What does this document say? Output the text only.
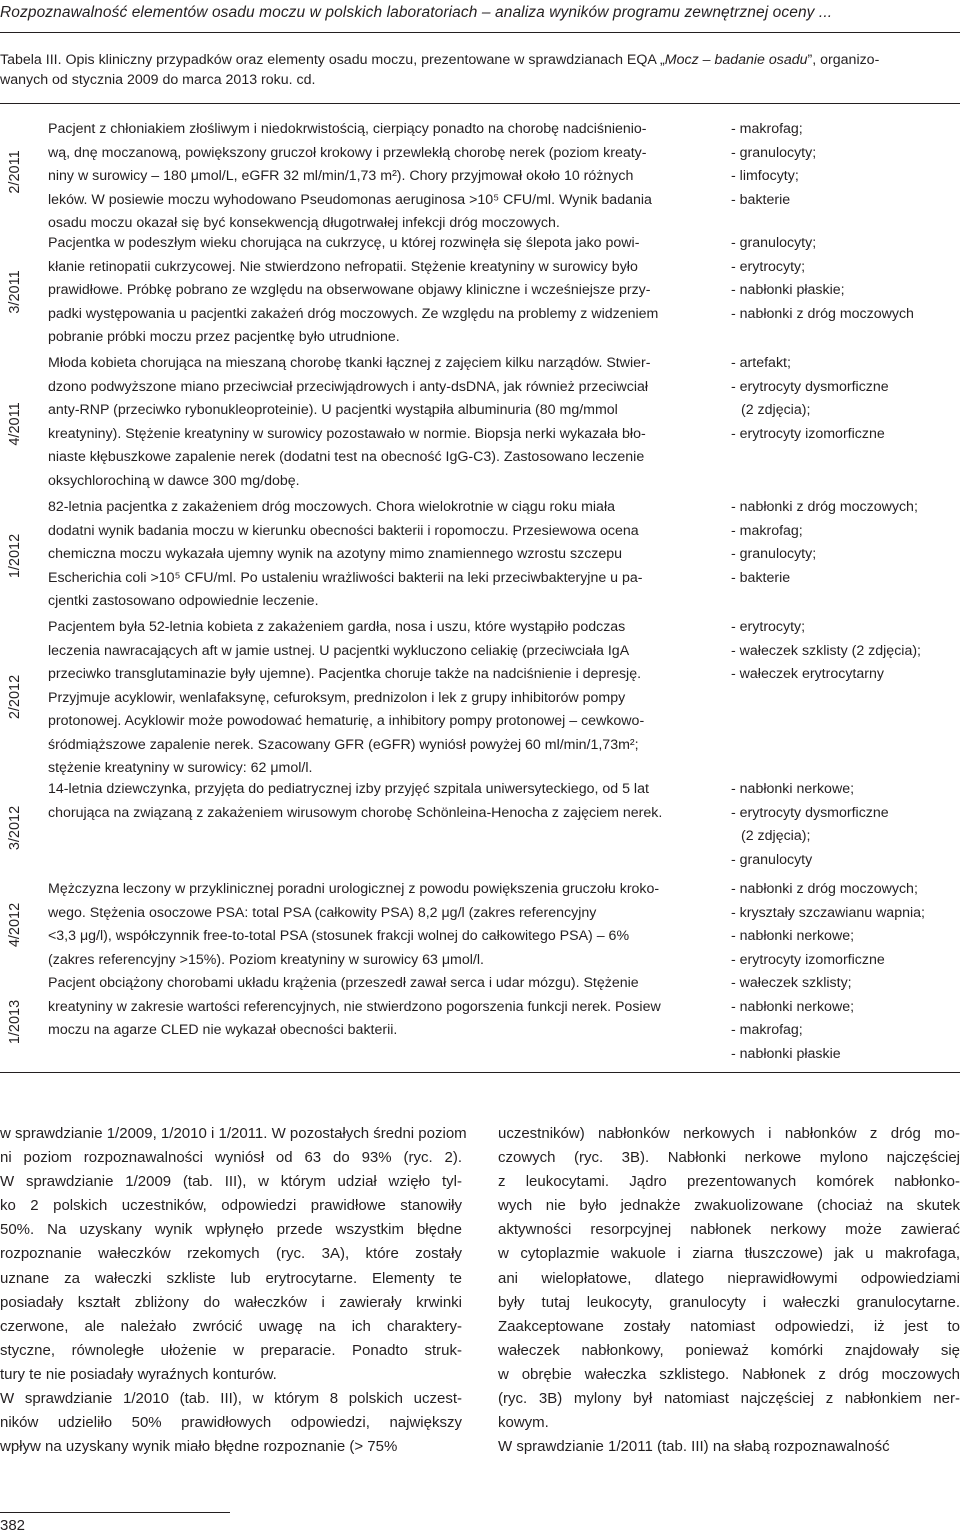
Rozpoznawalność elementów osadu moczu w polskich laboratoriach – analiza wyników programu zewnętrznej oceny ...
Tabela III. Opis kliniczny przypadków oraz elementy osadu moczu, prezentowane w sprawdzianach EQA „Mocz – badanie osadu”, organizo-
wanych od stycznia 2009 do marca 2013 roku. cd.
2/2011
Pacjent z chłoniakiem złośliwym i niedokrwistością, cierpiący ponadto na chorobę nadciśnienio-
wą, dnę moczanową, powiększony gruczoł krokowy i przewlekłą chorobę nerek (poziom kreaty-
niny w surowicy – 180 μmol/L, eGFR 32 ml/min/1,73 m²). Chory przyjmował około 10 różnych
leków. W posiewie moczu wyhodowano Pseudomonas aeruginosa >10⁵ CFU/ml. Wynik badania
osadu moczu okazał się być konsekwencją długotrwałej infekcji dróg moczowych.
- makrofag;
- granulocyty;
- limfocyty;
- bakterie
3/2011
Pacjentka w podeszłym wieku chorująca na cukrzycę, u której rozwinęła się ślepota jako powi-
kłanie retinopatii cukrzycowej. Nie stwierdzono nefropatii. Stężenie kreatyniny w surowicy było
prawidłowe. Próbkę pobrano ze względu na obserwowane objawy kliniczne i wcześniejsze przy-
padki występowania u pacjentki zakażeń dróg moczowych. Ze względu na problemy z widzeniem
pobranie próbki moczu przez pacjentkę było utrudnione.
- granulocyty;
- erytrocyty;
- nabłonki płaskie;
- nabłonki z dróg moczowych
4/2011
Młoda kobieta chorująca na mieszaną chorobę tkanki łącznej z zajęciem kilku narządów. Stwier-
dzono podwyższone miano przeciwciał przeciwjądrowych i anty-dsDNA, jak również przeciwciał
anty-RNP (przeciwko rybonukleoproteinie). U pacjentki wystąpiła albuminuria (80 mg/mmol
kreatyniny). Stężenie kreatyniny w surowicy pozostawało w normie. Biopsja nerki wykazała bło-
niaste kłębuszkowe zapalenie nerek (dodatni test na obecność IgG-C3). Zastosowano leczenie
oksychlorochiną w dawce 300 mg/dobę.
- artefakt;
- erytrocyty dysmorficzne
(2 zdjęcia);
- erytrocyty izomorficzne
1/2012
82-letnia pacjentka z zakażeniem dróg moczowych. Chora wielokrotnie w ciągu roku miała
dodatni wynik badania moczu w kierunku obecności bakterii i ropomoczu. Przesiewowa ocena
chemiczna moczu wykazała ujemny wynik na azotyny mimo znamiennego wzrostu szczepu
Escherichia coli >10⁵ CFU/ml. Po ustaleniu wrażliwości bakterii na leki przeciwbakteryjne u pa-
cjentki zastosowano odpowiednie leczenie.
- nabłonki z dróg moczowych;
- makrofag;
- granulocyty;
- bakterie
2/2012
Pacjentem była 52-letnia kobieta z zakażeniem gardła, nosa i uszu, które wystąpiło podczas
leczenia nawracających aft w jamie ustnej. U pacjentki wykluczono celiakię (przeciwciała IgA
przeciwko transglutaminazie były ujemne). Pacjentka choruje także na nadciśnienie i depresję.
Przyjmuje acyklowir, wenlafaksynę, cefuroksym, prednizolon i lek z grupy inhibitorów pompy
protonowej. Acyklowir może powodować hematurię, a inhibitory pompy protonowej – cewkowo-
śródmiąższowe zapalenie nerek. Szacowany GFR (eGFR) wyniósł powyżej 60 ml/min/1,73m²;
stężenie kreatyniny w surowicy: 62 μmol/l.
- erytrocyty;
- wałeczek szklisty (2 zdjęcia);
- wałeczek erytrocytarny
3/2012
14-letnia dziewczynka, przyjęta do pediatrycznej izby przyjęć szpitala uniwersyteckiego, od 5 lat
chorująca na związaną z zakażeniem wirusowym chorobę Schönleina-Henocha z zajęciem nerek.
- nabłonki nerkowe;
- erytrocyty dysmorficzne
(2 zdjęcia);
- granulocyty
4/2012
Mężczyzna leczony w przyklinicznej poradni urologicznej z powodu powiększenia gruczołu kroko-
wego. Stężenia osoczowe PSA: total PSA (całkowity PSA) 8,2 μg/l (zakres referencyjny
<3,3 μg/l), współczynnik free-to-total PSA (stosunek frakcji wolnej do całkowitego PSA) – 6%
(zakres referencyjny >15%). Poziom kreatyniny w surowicy 63 μmol/l.
- nabłonki z dróg moczowych;
- kryształy szczawianu wapnia;
- nabłonki nerkowe;
- erytrocyty izomorficzne
1/2013
Pacjent obciążony chorobami układu krążenia (przeszedł zawał serca i udar mózgu). Stężenie
kreatyniny w zakresie wartości referencyjnych, nie stwierdzono pogorszenia funkcji nerek. Posiew
moczu na agarze CLED nie wykazał obecności bakterii.
- wałeczek szklisty;
- nabłonki nerkowe;
- makrofag;
- nabłonki płaskie
w sprawdzianie 1/2009, 1/2010 i 1/2011. W pozostałych średni poziom
ni poziom rozpoznawalności wyniósł od 63 do 93% (ryc. 2).
W sprawdzianie 1/2009 (tab. III), w którym udział wzięło tyl-
ko 2 polskich uczestników, odpowiedzi prawidłowe stanowiły
50%. Na uzyskany wynik wpłynęło przede wszystkim błędne
rozpoznanie wałeczków rzekomych (ryc. 3A), które zostały
uznane za wałeczki szkliste lub erytrocytarne. Elementy te
posiadały kształt zbliżony do wałeczków i zawierały krwinki
czerwone, ale należało zwrócić uwagę na ich charaktery-
styczne, równoległe ułożenie w preparacie. Ponadto struk-
tury te nie posiadały wyraźnych konturów.
W sprawdzianie 1/2010 (tab. III), w którym 8 polskich uczest-
ników udzieliło 50% prawidłowych odpowiedzi, największy
wpływ na uzyskany wynik miało błędne rozpoznanie (> 75%
uczestników) nabłonków nerkowych i nabłonków z dróg mo-
czowych (ryc. 3B). Nabłonki nerkowe mylono najczęściej
z leukocytami. Jądro prezentowanych komórek nabłonko-
wych nie było jednakże zwakuolizowane (chociaż na skutek
aktywności resorpcyjnej nabłonek nerkowy może zawierać
w cytoplazmie wakuole i ziarna tłuszczowe) jak u makrofaga,
ani wielopłatowe, dlatego nieprawidłowymi odpowiedziami
były tutaj leukocyty, granulocyty i wałeczki granulocytarne.
Zaakceptowane zostały natomiast odpowiedzi, iż jest to
wałeczek nabłonkowy, ponieważ komórki znajdowały się
w obrębie wałeczka szklistego. Nabłonek z dróg moczowych
(ryc. 3B) mylony był natomiast najczęściej z nabłonkiem ner-
kowym.
W sprawdzianie 1/2011 (tab. III) na słabą rozpoznawalność
382
